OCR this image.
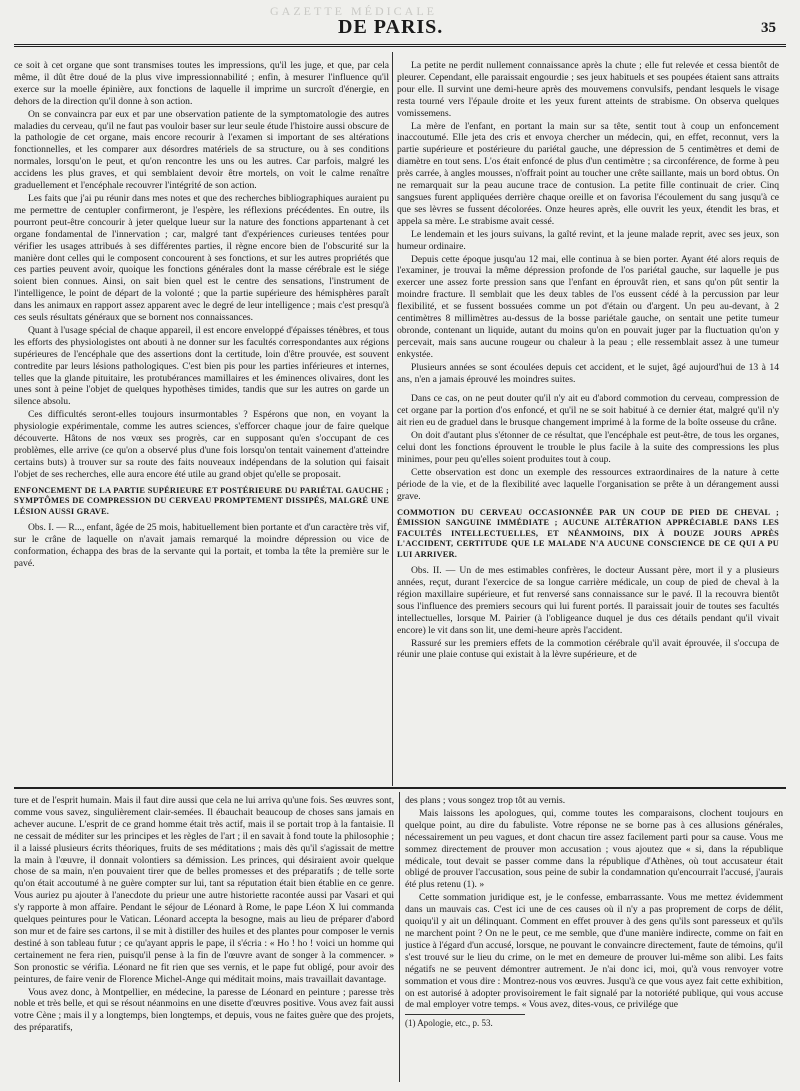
GAZETTE MÉDICALE
DE PARIS.	35

ce soit à cet organe que sont transmises toutes les impressions, qu'il les juge, et que, par cela même, il dût être doué de la plus vive impressionnabilité ; enfin, à mesurer l'influence qu'il exerce sur la moelle épinière, aux fonctions de laquelle il imprime un surcroît d'énergie, en dehors de la direction qu'il donne à son action.

On se convaincra par eux et par une observation patiente de la symptomatologie des autres maladies du cerveau, qu'il ne faut pas vouloir baser sur leur seule étude l'histoire aussi obscure de la pathologie de cet organe, mais encore recourir à l'examen si important de ses altérations fonctionnelles, et les comparer aux désordres matériels de sa structure, ou à ses conditions normales, lorsqu'on le peut, et qu'on rencontre les uns ou les autres. Car parfois, malgré les accidens les plus graves, et qui semblaient devoir être mortels, on voit le calme renaître graduellement et l'encéphale recouvrer l'intégrité de son action.

Les faits que j'ai pu réunir dans mes notes et que des recherches bibliographiques auraient pu me permettre de centupler confirmeront, je l'espère, les réflexions précédentes. En outre, ils pourront peut-être concourir à jeter quelque lueur sur la nature des fonctions appartenant à cet organe fondamental de l'innervation ; car, malgré tant d'expériences curieuses tentées pour vérifier les usages attribués à ses différentes parties, il règne encore bien de l'obscurité sur la manière dont celles qui le composent concourent à ses fonctions, et sur les autres propriétés que ces parties peuvent avoir, quoique les fonctions générales dont la masse cérébrale est le siége soient bien connues. Ainsi, on sait bien quel est le centre des sensations, l'instrument de l'intelligence, le point de départ de la volonté ; que la partie supérieure des hémisphères paraît dans les animaux en rapport assez apparent avec le degré de leur intelligence ; mais c'est presqu'à ces seuls résultats généraux que se bornent nos connaissances.

Quant à l'usage spécial de chaque appareil, il est encore enveloppé d'épaisses ténèbres, et tous les efforts des physiologistes ont abouti à ne donner sur les facultés correspondantes aux régions supérieures de l'encéphale que des assertions dont la certitude, loin d'être prouvée, est souvent contredite par leurs lésions pathologiques. C'est bien pis pour les parties inférieures et internes, telles que la glande pituitaire, les protubérances mamillaires et les éminences olivaires, dont les unes sont à peine l'objet de quelques hypothèses timides, tandis que sur les autres on garde un silence absolu.

Ces difficultés seront-elles toujours insurmontables ? Espérons que non, en voyant la physiologie expérimentale, comme les autres sciences, s'efforcer chaque jour de faire quelque découverte. Hâtons de nos vœux ses progrès, car en supposant qu'en s'occupant de ces problèmes, elle arrive (ce qu'on a observé plus d'une fois lorsqu'on tentait vainement d'atteindre certains buts) à trouver sur sa route des faits nouveaux indépendans de la solution qui faisait l'objet de ses recherches, elle aura encore été utile au grand objet qu'elle se proposait.

ENFONCEMENT DE LA PARTIE SUPÉRIEURE ET POSTÉRIEURE DU PARIÉTAL GAUCHE ; SYMPTÔMES DE COMPRESSION DU CERVEAU PROMPTEMENT DISSIPÉS, MALGRÉ UNE LÉSION AUSSI GRAVE.

Obs. I. — R..., enfant, âgée de 25 mois, habituellement bien portante et d'un caractère très vif, sur le crâne de laquelle on n'avait jamais remarqué la moindre dépression ou vice de conformation, échappa des bras de la servante qui la portait, et tomba la tête la première sur le pavé.

La petite ne perdit nullement connaissance après la chute ; elle fut relevée et cessa bientôt de pleurer. Cependant, elle paraissait engourdie ; ses jeux habituels et ses poupées étaient sans attraits pour elle. Il survint une demi-heure après des mouvemens convulsifs, pendant lesquels le visage resta tourné vers l'épaule droite et les yeux furent atteints de strabisme. On observa quelques vomissemens.

La mère de l'enfant, en portant la main sur sa tête, sentit tout à coup un enfoncement inaccoutumé. Elle jeta des cris et envoya chercher un médecin, qui, en effet, reconnut, vers la partie supérieure et postérieure du pariétal gauche, une dépression de 5 centimètres et demi de diamètre en tout sens. L'os était enfoncé de plus d'un centimètre ; sa circonférence, de forme à peu près carrée, à angles mousses, n'offrait point au toucher une crête saillante, mais un bord obtus. On ne remarquait sur la peau aucune trace de contusion. La petite fille continuait de crier. Cinq sangsues furent appliquées derrière chaque oreille et on favorisa l'écoulement du sang jusqu'à ce que ses lèvres se fussent décolorées. Onze heures après, elle ouvrit les yeux, étendit les bras, et appela sa mère. Le strabisme avait cessé.

Le lendemain et les jours suivans, la gaîté revint, et la jeune malade reprit, avec ses jeux, son humeur ordinaire.

Depuis cette époque jusqu'au 12 mai, elle continua à se bien porter. Ayant été alors requis de l'examiner, je trouvai la même dépression profonde de l'os pariétal gauche, sur laquelle je pus exercer une assez forte pression sans que l'enfant en éprouvât rien, et sans qu'on pût sentir la moindre fracture. Il semblait que les deux tables de l'os eussent cédé à la percussion par leur flexibilité, et se fussent bossuées comme un pot d'étain ou d'argent. Un peu au-devant, à 2 centimètres 8 millimètres au-dessus de la bosse pariétale gauche, on sentait une petite tumeur obronde, contenant un liquide, autant du moins qu'on en pouvait juger par la fluctuation qu'on y percevait, mais sans aucune rougeur ou chaleur à la peau ; elle ressemblait assez à une tumeur enkystée.

Plusieurs années se sont écoulées depuis cet accident, et le sujet, âgé aujourd'hui de 13 à 14 ans, n'en a jamais éprouvé les moindres suites.

Dans ce cas, on ne peut douter qu'il n'y ait eu d'abord commotion du cerveau, compression de cet organe par la portion d'os enfoncé, et qu'il ne se soit habitué à ce dernier état, malgré qu'il n'y ait rien eu de graduel dans le brusque changement imprimé à la forme de la boîte osseuse du crâne.

On doit d'autant plus s'étonner de ce résultat, que l'encéphale est peut-être, de tous les organes, celui dont les fonctions éprouvent le trouble le plus facile à la suite des compressions les plus minimes, pour peu qu'elles soient produites tout à coup.

Cette observation est donc un exemple des ressources extraordinaires de la nature à cette période de la vie, et de la flexibilité avec laquelle l'organisation se prête à un dérangement aussi grave.

COMMOTION DU CERVEAU OCCASIONNÉE PAR UN COUP DE PIED DE CHEVAL ; ÉMISSION SANGUINE IMMÉDIATE ; AUCUNE ALTÉRATION APPRÉCIABLE DANS LES FACULTÉS INTELLECTUELLES, ET NÉANMOINS, DIX À DOUZE JOURS APRÈS L'ACCIDENT, CERTITUDE QUE LE MALADE N'A AUCUNE CONSCIENCE DE CE QUI A PU LUI ARRIVER.

Obs. II. — Un de mes estimables confrères, le docteur Aussant père, mort il y a plusieurs années, reçut, durant l'exercice de sa longue carrière médicale, un coup de pied de cheval à la région maxillaire supérieure, et fut renversé sans connaissance sur le pavé. Il la recouvra bientôt sous l'influence des premiers secours qui lui furent portés. Il paraissait jouir de toutes ses facultés intellectuelles, lorsque M. Pairier (à l'obligeance duquel je dus ces détails pendant qu'il vivait encore) le vit dans son lit, une demi-heure après l'accident.

Rassuré sur les premiers effets de la commotion cérébrale qu'il avait éprouvée, il s'occupa de réunir une plaie contuse qui existait à la lèvre supérieure, et de

ture et de l'esprit humain. Mais il faut dire aussi que cela ne lui arriva qu'une fois. Ses œuvres sont, comme vous savez, singulièrement clair-semées. Il ébauchait beaucoup de choses sans jamais en achever aucune. L'esprit de ce grand homme était très actif, mais il se portait trop à la fantaisie. Il ne cessait de méditer sur les principes et les règles de l'art ; il en savait à fond toute la philosophie ; il a laissé plusieurs écrits théoriques, fruits de ses méditations ; mais dès qu'il s'agissait de mettre la main à l'œuvre, il donnait volontiers sa démission. Les princes, qui désiraient avoir quelque chose de sa main, n'en pouvaient tirer que de belles promesses et des préparatifs ; de telle sorte qu'on était accoutumé à ne guère compter sur lui, tant sa réputation était bien établie en ce genre. Vous auriez pu ajouter à l'anecdote du prieur une autre historiette racontée aussi par Vasari et qui s'y rapporte à mon affaire. Pendant le séjour de Léonard à Rome, le pape Léon X lui commanda quelques peintures pour le Vatican. Léonard accepta la besogne, mais au lieu de préparer d'abord son mur et de faire ses cartons, il se mit à distiller des huiles et des plantes pour composer le vernis destiné à son tableau futur ; ce qu'ayant appris le pape, il s'écria : « Ho ! ho ! voici un homme qui certainement ne fera rien, puisqu'il pense à la fin de l'œuvre avant de songer à la commencer. » Son pronostic se vérifia. Léonard ne fit rien que ses vernis, et le pape fut obligé, pour avoir des peintures, de faire venir de Florence Michel-Ange qui méditait moins, mais travaillait davantage.

Vous avez donc, à Montpellier, en médecine, la paresse de Léonard en peinture ; paresse très noble et très belle, et qui se résout néanmoins en une disette d'œuvres positive. Vous avez fait aussi votre Cène ; mais il y a longtemps, bien longtemps, et depuis, vous ne faites guère que des projets, des préparatifs,

des plans ; vous songez trop tôt au vernis.

Mais laissons les apologues, qui, comme toutes les comparaisons, clochent toujours en quelque point, au dire du fabuliste. Votre réponse ne se borne pas à ces allusions générales, nécessairement un peu vagues, et dont chacun tire assez facilement parti pour sa cause. Vous me sommez directement de prouver mon accusation ; vous ajoutez que « si, dans la république médicale, tout devait se passer comme dans la république d'Athènes, où tout accusateur était obligé de prouver l'accusation, sous peine de subir la condamnation qu'encourrait l'accusé, j'aurais été plus retenu (1). »

Cette sommation juridique est, je le confesse, embarrassante. Vous me mettez évidemment dans un mauvais cas. C'est ici une de ces causes où il n'y a pas proprement de corps de délit, quoiqu'il y ait un délinquant. Comment en effet prouver à des gens qu'ils sont paresseux et qu'ils ne marchent point ? On ne le peut, ce me semble, que d'une manière indirecte, comme on fait en justice à l'égard d'un accusé, lorsque, ne pouvant le convaincre directement, faute de témoins, qu'il s'est trouvé sur le lieu du crime, on le met en demeure de prouver lui-même son alibi. Les faits négatifs ne se peuvent démontrer autrement. Je n'ai donc ici, moi, qu'à vous renvoyer votre sommation et vous dire : Montrez-nous vos œuvres. Jusqu'à ce que vous ayez fait cette exhibition, on est autorisé à adopter provisoirement le fait signalé par la notoriété publique, qui vous accuse de mal employer votre temps. « Vous avez, dites-vous, ce privilége que

(1) Apologie, etc., p. 53.
